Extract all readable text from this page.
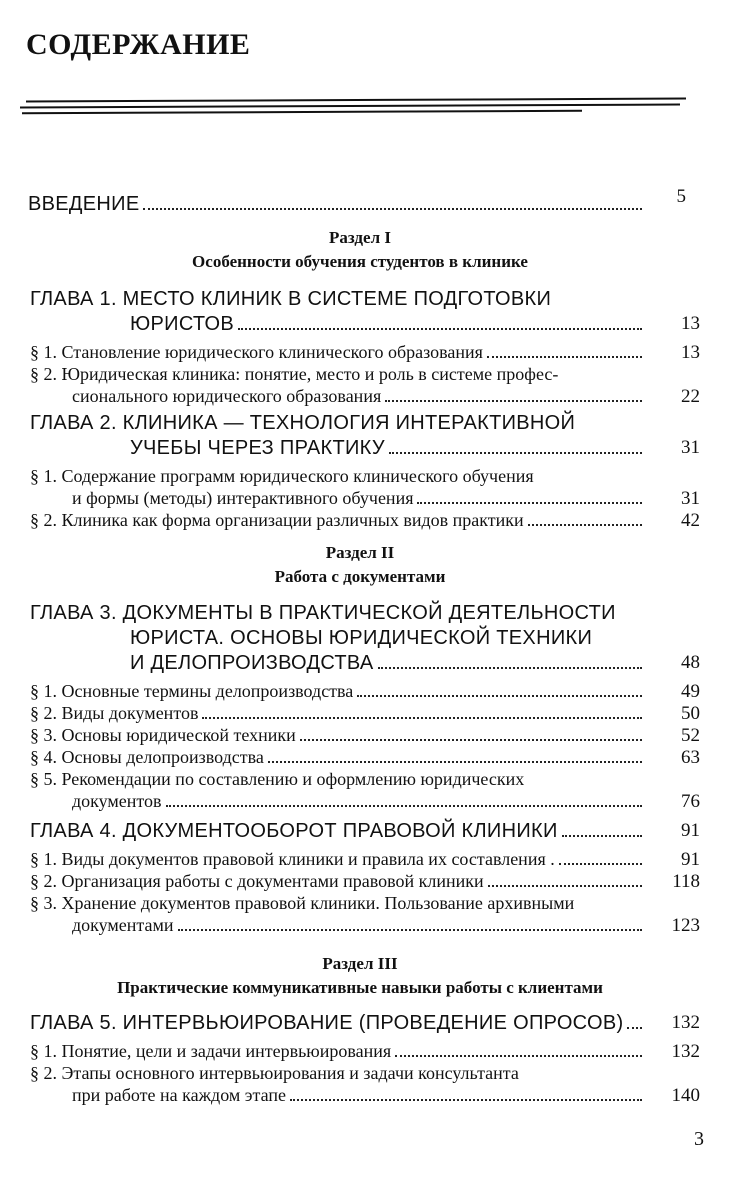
СОДЕРЖАНИЕ
ВВЕДЕНИЕ	5
Раздел I
Особенности обучения студентов в клинике
ГЛАВА 1. МЕСТО КЛИНИК В СИСТЕМЕ ПОДГОТОВКИ
ЮРИСТОВ	13
§ 1. Становление юридического клинического образования	13
§ 2. Юридическая клиника: понятие, место и роль в системе профес-
сионального юридического образования	22
ГЛАВА 2. КЛИНИКА — ТЕХНОЛОГИЯ ИНТЕРАКТИВНОЙ
УЧЕБЫ ЧЕРЕЗ ПРАКТИКУ	31
§ 1. Содержание программ юридического клинического обучения
и формы (методы) интерактивного обучения	31
§ 2. Клиника как форма организации различных видов практики	42
Раздел II
Работа с документами
ГЛАВА 3. ДОКУМЕНТЫ В ПРАКТИЧЕСКОЙ ДЕЯТЕЛЬНОСТИ
ЮРИСТА. ОСНОВЫ ЮРИДИЧЕСКОЙ ТЕХНИКИ
И ДЕЛОПРОИЗВОДСТВА	48
§ 1. Основные термины делопроизводства	49
§ 2. Виды документов	50
§ 3. Основы юридической техники	52
§ 4. Основы делопроизводства	63
§ 5. Рекомендации по составлению и оформлению юридических
документов	76
ГЛАВА 4. ДОКУМЕНТООБОРОТ ПРАВОВОЙ КЛИНИКИ	91
§ 1. Виды документов правовой клиники и правила их составления .	91
§ 2. Организация работы с документами правовой клиники	118
§ 3. Хранение документов правовой клиники. Пользование архивными
документами	123
Раздел III
Практические коммуникативные навыки работы с клиентами
ГЛАВА 5. ИНТЕРВЬЮИРОВАНИЕ (ПРОВЕДЕНИЕ ОПРОСОВ)	132
§ 1. Понятие, цели и задачи интервьюирования	132
§ 2. Этапы основного интервьюирования и задачи консультанта
при работе на каждом этапе	140
3
